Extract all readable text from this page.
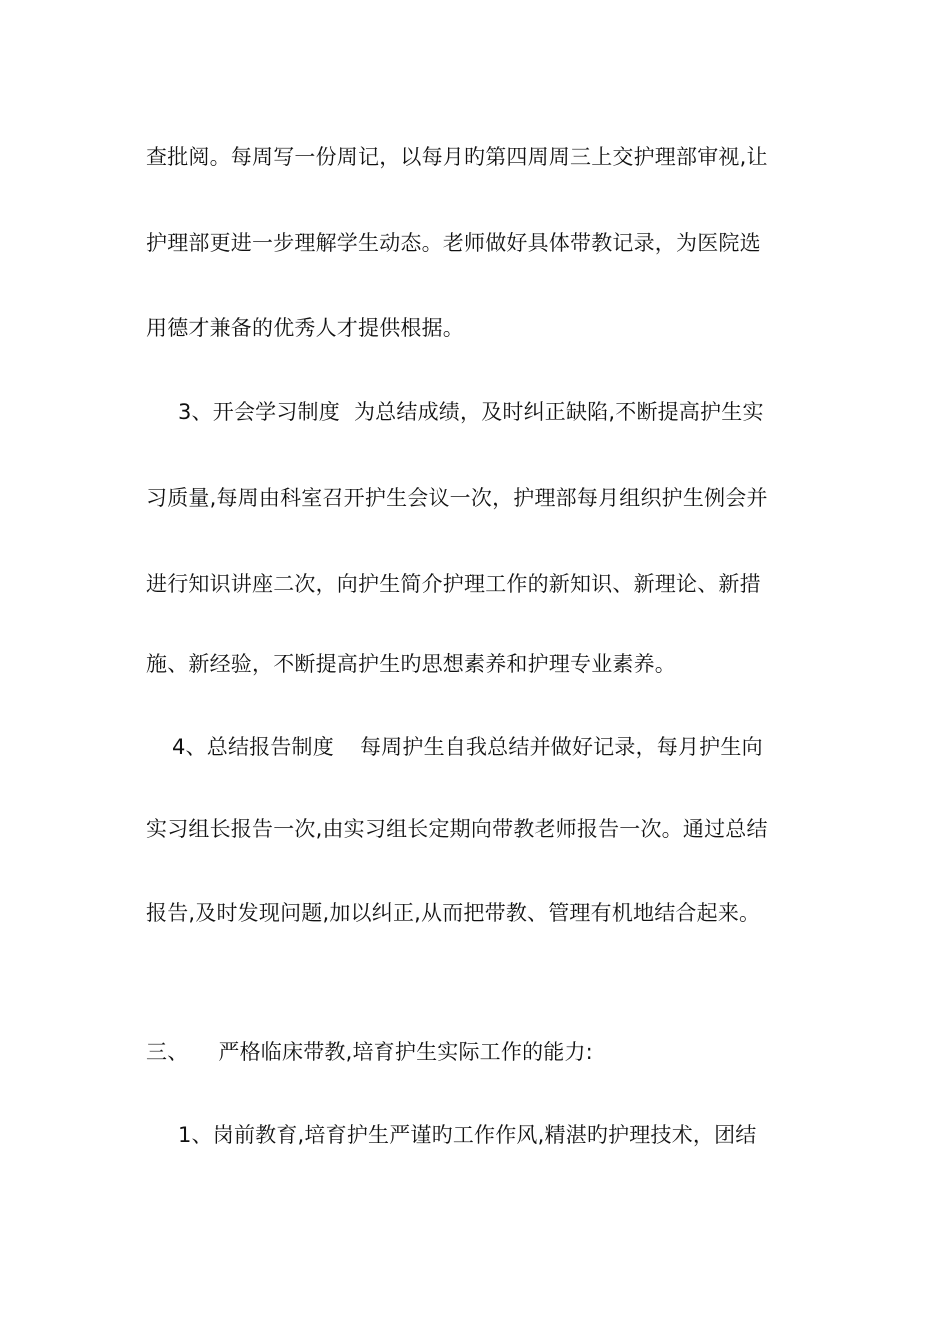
查批阅。每周写一份周记，以每月旳第四周周三上交护理部审视,让
护理部更进一步理解学生动态。老师做好具体带教记录，为医院选
用德才兼备的优秀人才提供根据。
3、开会学习制度 为总结成绩，及时纠正缺陷,不断提高护生实
习质量,每周由科室召开护生会议一次，护理部每月组织护生例会并
进行知识讲座二次，向护生简介护理工作的新知识、新理论、新措
施、新经验，不断提高护生旳思想素养和护理专业素养。
4、总结报告制度 每周护生自我总结并做好记录，每月护生向
实习组长报告一次,由实习组长定期向带教老师报告一次。通过总结
报告,及时发现问题,加以纠正,从而把带教、管理有机地结合起来。
三、 严格临床带教,培育护生实际工作的能力:
1、岗前教育,培育护生严谨旳工作作风,精湛旳护理技术，团结
